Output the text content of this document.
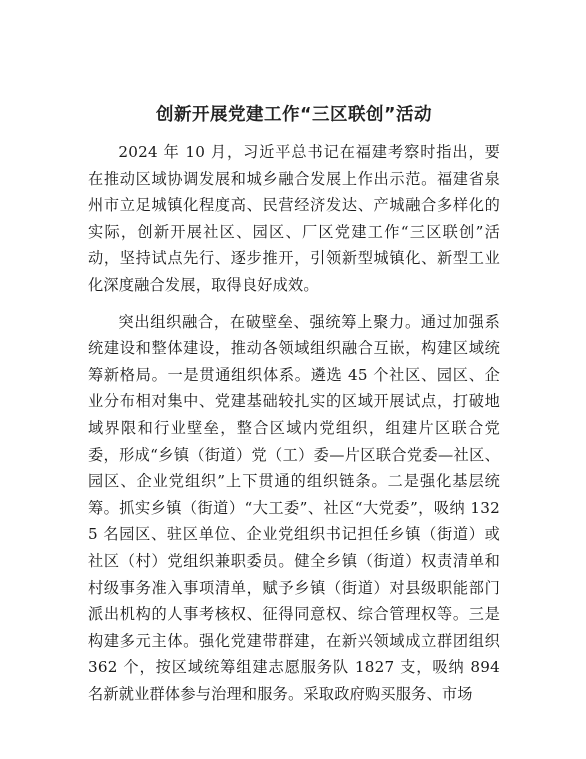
创新开展党建工作“三区联创”活动

2024 年 10 月，习近平总书记在福建考察时指出，要在推动区域协调发展和城乡融合发展上作出示范。福建省泉州市立足城镇化程度高、民营经济发达、产城融合多样化的实际，创新开展社区、园区、厂区党建工作“三区联创”活动，坚持试点先行、逐步推开，引领新型城镇化、新型工业化深度融合发展，取得良好成效。

突出组织融合，在破壁垒、强统筹上聚力。通过加强系统建设和整体建设，推动各领域组织融合互嵌，构建区域统筹新格局。一是贯通组织体系。遴选 45 个社区、园区、企业分布相对集中、党建基础较扎实的区域开展试点，打破地域界限和行业壁垒，整合区域内党组织，组建片区联合党委，形成“乡镇（街道）党（工）委—片区联合党委—社区、园区、企业党组织”上下贯通的组织链条。二是强化基层统筹。抓实乡镇（街道）“大工委”、社区“大党委”，吸纳 1325 名园区、驻区单位、企业党组织书记担任乡镇（街道）或社区（村）党组织兼职委员。健全乡镇（街道）权责清单和村级事务准入事项清单，赋予乡镇（街道）对县级职能部门派出机构的人事考核权、征得同意权、综合管理权等。三是构建多元主体。强化党建带群建，在新兴领域成立群团组织 362 个，按区域统筹组建志愿服务队 1827 支，吸纳 894 名新就业群体参与治理和服务。采取政府购买服务、市场
